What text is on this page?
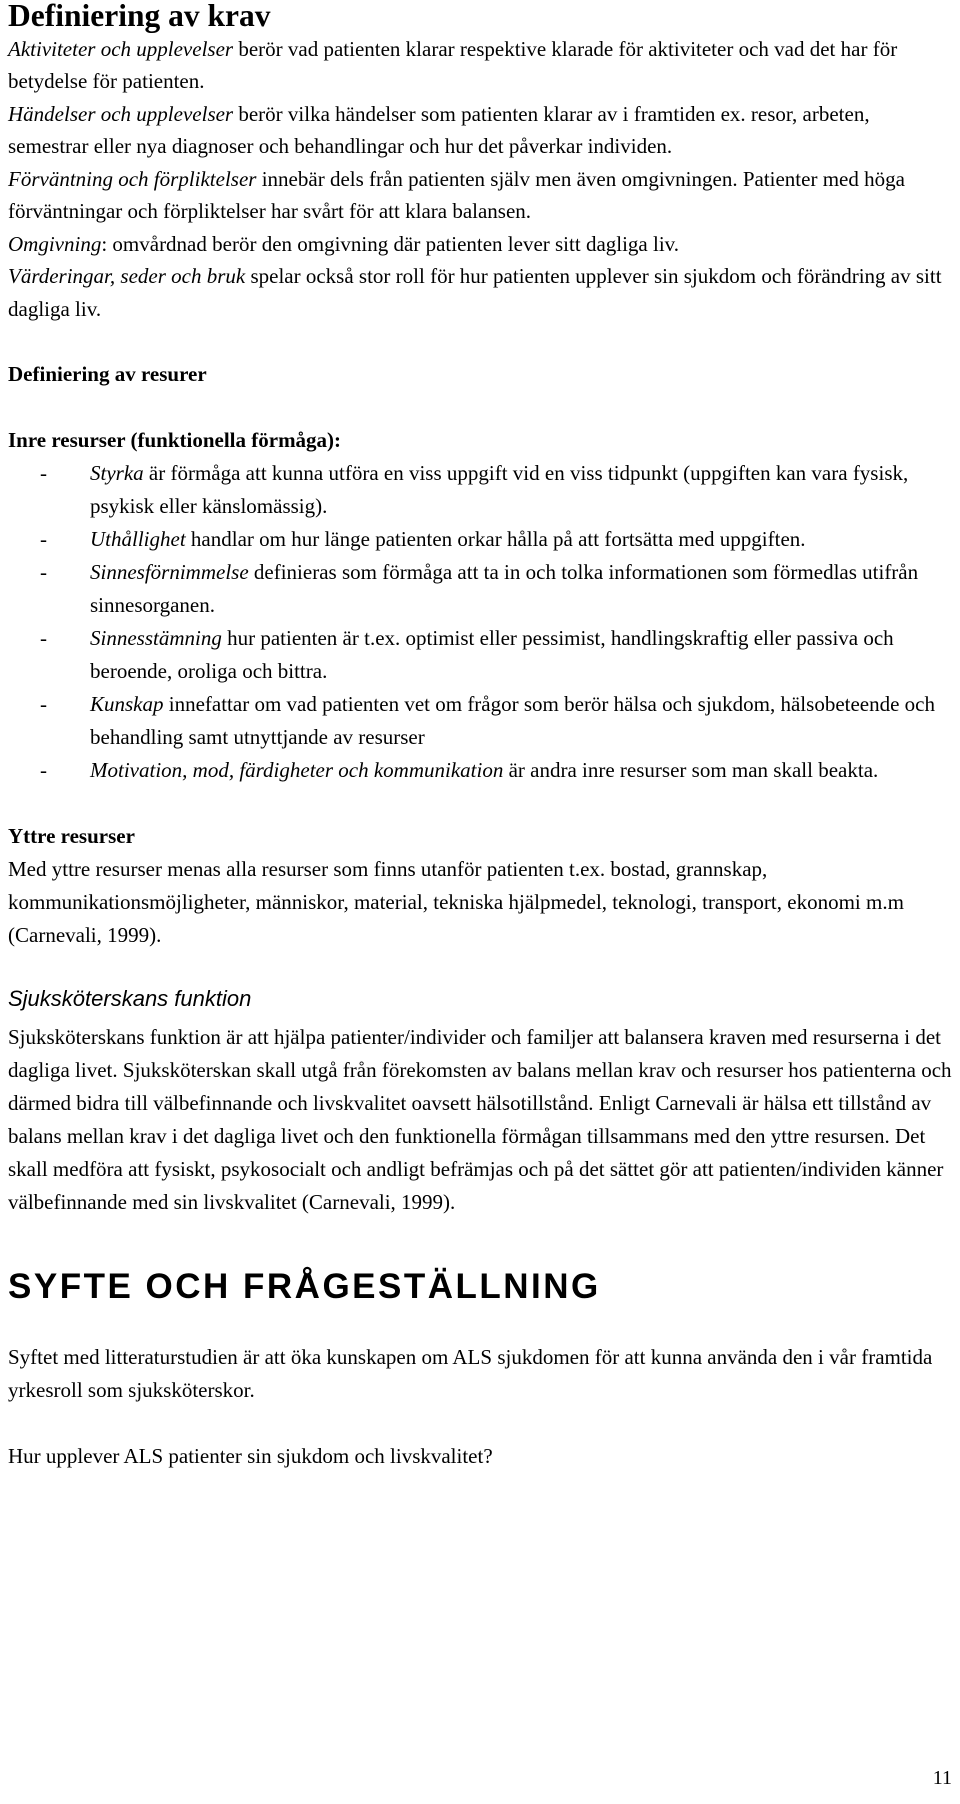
Definiering av krav

Aktiviteter och upplevelser berör vad patienten klarar respektive klarade för aktiviteter och vad det har för betydelse för patienten.

Händelser och upplevelser berör vilka händelser som patienten klarar av i framtiden ex. resor, arbeten, semestrar eller nya diagnoser och behandlingar och hur det påverkar individen.

Förväntning och förpliktelser innebär dels från patienten själv men även omgivningen. Patienter med höga förväntningar och förpliktelser har svårt för att klara balansen.

Omgivning: omvårdnad berör den omgivning där patienten lever sitt dagliga liv.

Värderingar, seder och bruk spelar också stor roll för hur patienten upplever sin sjukdom och förändring av sitt dagliga liv.

Definiering av resurer
Inre resurser (funktionella förmåga):
- Styrka är förmåga att kunna utföra en viss uppgift vid en viss tidpunkt (uppgiften kan vara fysisk, psykisk eller känslomässig).
- Uthållighet handlar om hur länge patienten orkar hålla på att fortsätta med uppgiften.
- Sinnesförnimmelse definieras som förmåga att ta in och tolka informationen som förmedlas utifrån sinnesorganen.
- Sinnesstämning hur patienten är t.ex. optimist eller pessimist, handlingskraftig eller passiva och beroende, oroliga och bittra.
- Kunskap innefattar om vad patienten vet om frågor som berör hälsa och sjukdom, hälsobeteende och behandling samt utnyttjande av resurser
- Motivation, mod, färdigheter och kommunikation är andra inre resurser som man skall beakta.
Yttre resurser

Med yttre resurser menas alla resurser som finns utanför patienten t.ex. bostad, grannskap, kommunikationsmöjligheter, människor, material, tekniska hjälpmedel, teknologi, transport, ekonomi m.m (Carnevali, 1999).

Sjuksköterskans funktion

Sjuksköterskans funktion är att hjälpa patienter/individer och familjer att balansera kraven med resurserna i det dagliga livet. Sjuksköterskan skall utgå från förekomsten av balans mellan krav och resurser hos patienterna och därmed bidra till välbefinnande och livskvalitet oavsett hälsotillstånd. Enligt Carnevali är hälsa ett tillstånd av balans mellan krav i det dagliga livet och den funktionella förmågan tillsammans med den yttre resursen. Det skall medföra att fysiskt, psykosocialt och andligt befrämjas och på det sättet gör att patienten/individen känner välbefinnande med sin livskvalitet (Carnevali, 1999).

SYFTE OCH FRÅGESTÄLLNING

Syftet med litteraturstudien är att öka kunskapen om ALS sjukdomen för att kunna använda den i vår framtida yrkesroll som sjuksköterskor.

Hur upplever ALS patienter sin sjukdom och livskvalitet?

11
